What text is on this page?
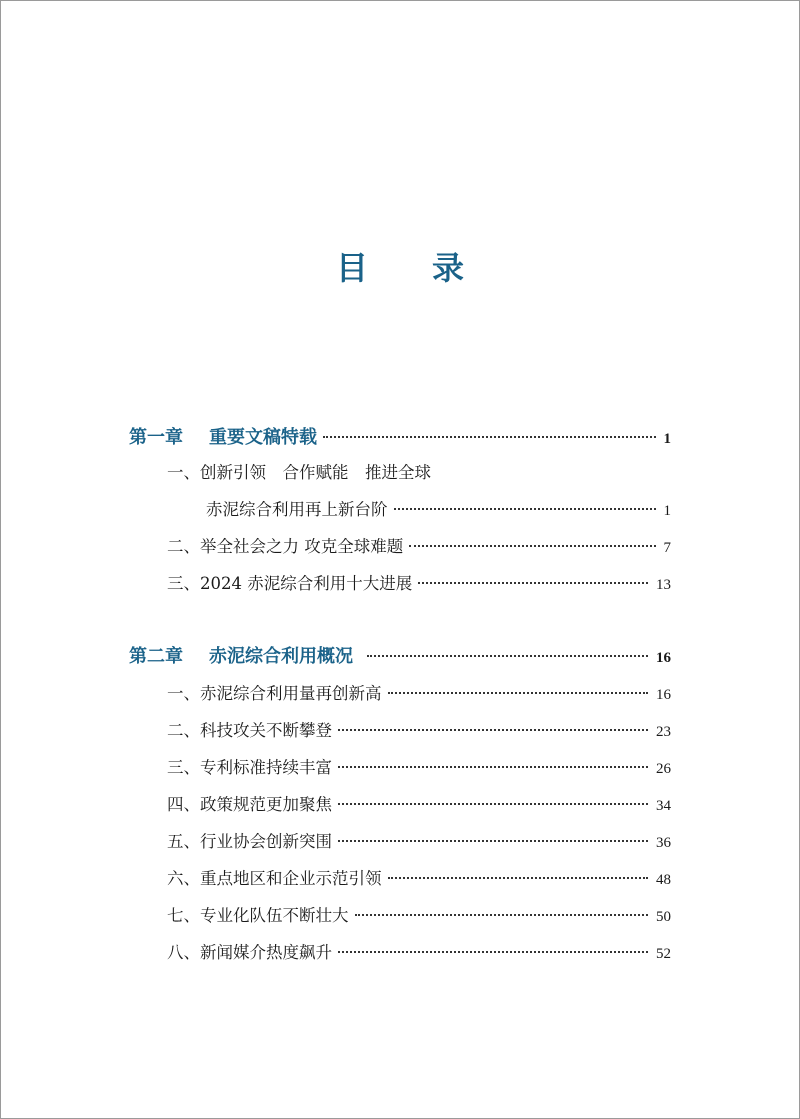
目录
第一章 重要文稿特载	1
一、创新引领　合作赋能　推进全球
赤泥综合利用再上新台阶	1
二、举全社会之力 攻克全球难题	7
三、2024 赤泥综合利用十大进展	13
第二章 赤泥综合利用概况	16
一、赤泥综合利用量再创新高	16
二、科技攻关不断攀登	23
三、专利标准持续丰富	26
四、政策规范更加聚焦	34
五、行业协会创新突围	36
六、重点地区和企业示范引领	48
七、专业化队伍不断壮大	50
八、新闻媒介热度飙升	52
